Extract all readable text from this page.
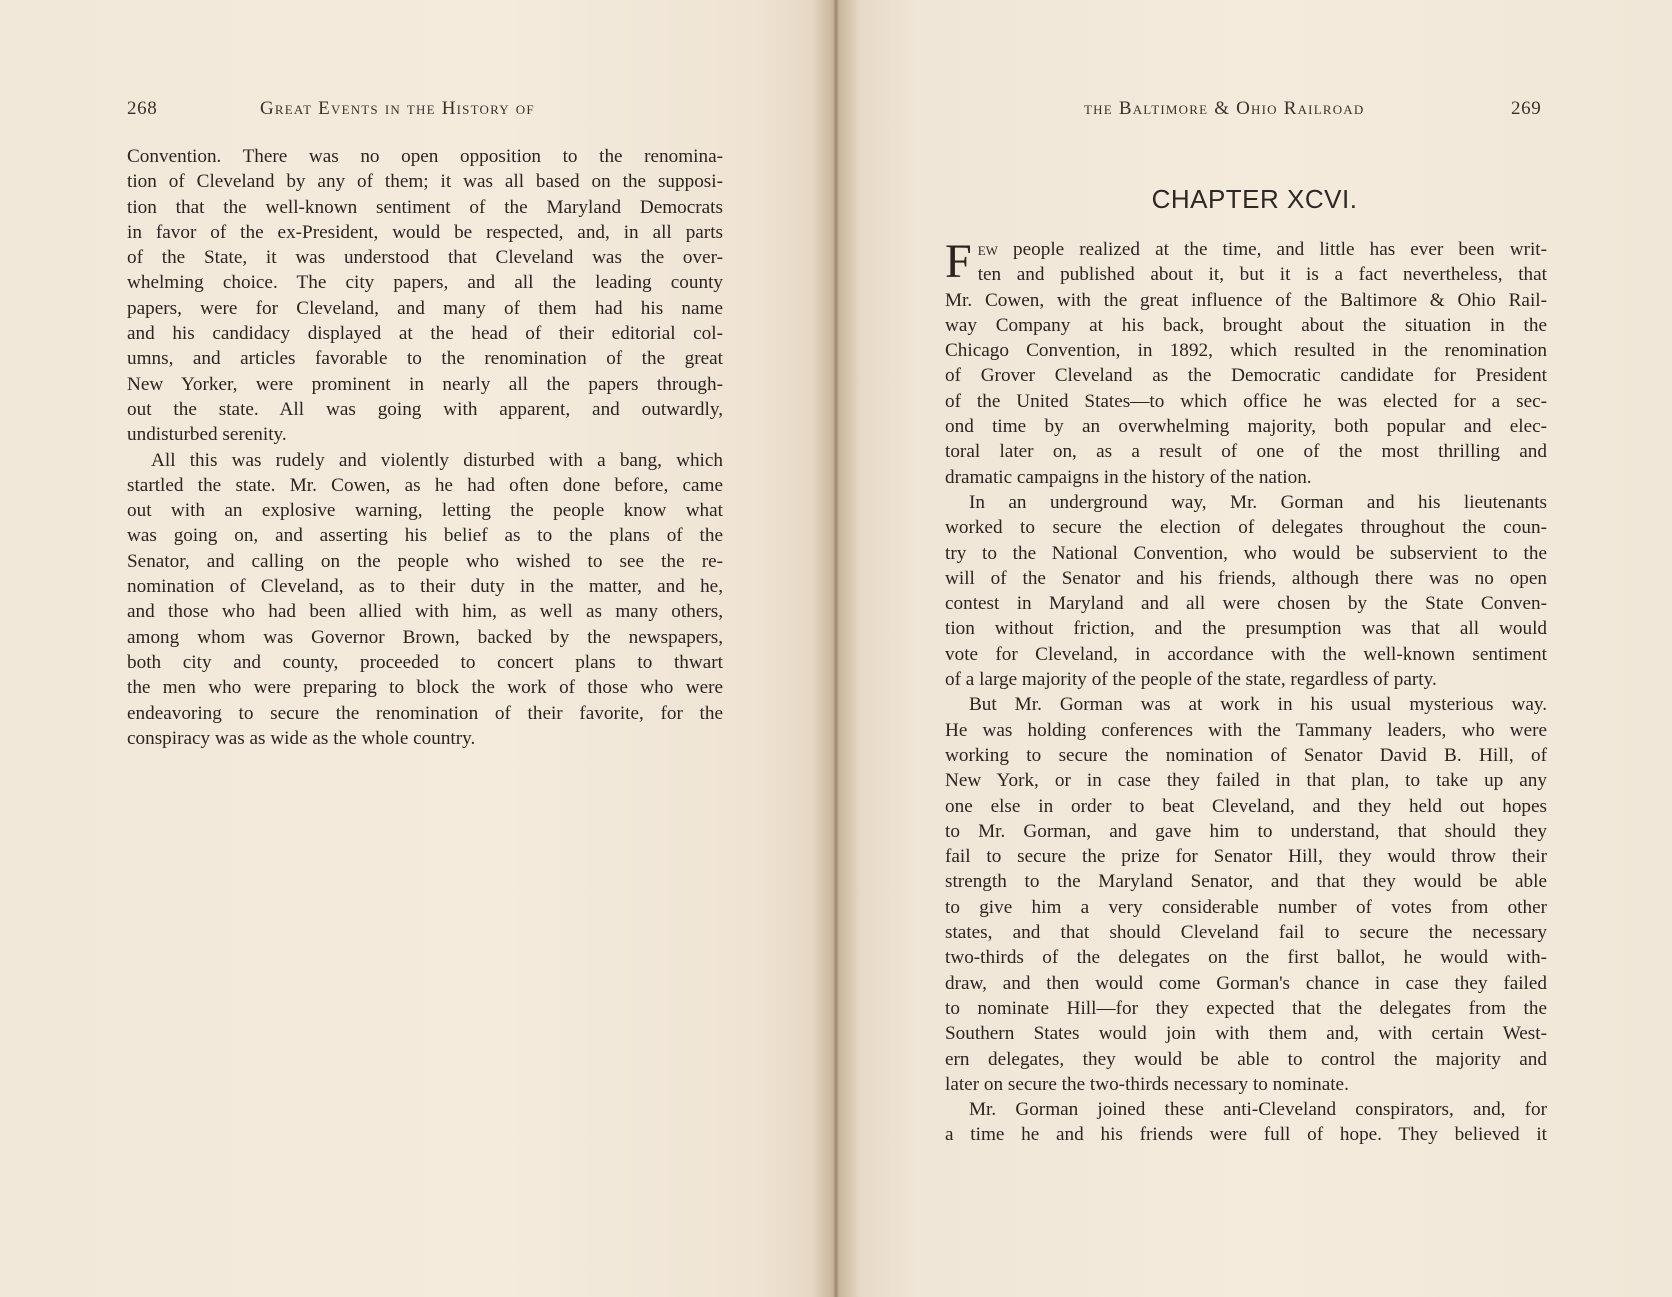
268	Great Events in the History of
Convention. There was no open opposition to the renomina-
tion of Cleveland by any of them; it was all based on the supposi-
tion that the well-known sentiment of the Maryland Democrats
in favor of the ex-President, would be respected, and, in all parts
of the State, it was understood that Cleveland was the over-
whelming choice. The city papers, and all the leading county
papers, were for Cleveland, and many of them had his name
and his candidacy displayed at the head of their editorial col-
umns, and articles favorable to the renomination of the great
New Yorker, were prominent in nearly all the papers through-
out the state. All was going with apparent, and outwardly,
undisturbed serenity.
All this was rudely and violently disturbed with a bang, which
startled the state. Mr. Cowen, as he had often done before, came
out with an explosive warning, letting the people know what
was going on, and asserting his belief as to the plans of the
Senator, and calling on the people who wished to see the re-
nomination of Cleveland, as to their duty in the matter, and he,
and those who had been allied with him, as well as many others,
among whom was Governor Brown, backed by the newspapers,
both city and county, proceeded to concert plans to thwart
the men who were preparing to block the work of those who were
endeavoring to secure the renomination of their favorite, for the
conspiracy was as wide as the whole country.
the Baltimore & Ohio Railroad	269
CHAPTER XCVI.
F ew people realized at the time, and little has ever been writ-
ten and published about it, but it is a fact nevertheless, that
Mr. Cowen, with the great influence of the Baltimore & Ohio Rail-
way Company at his back, brought about the situation in the
Chicago Convention, in 1892, which resulted in the renomination
of Grover Cleveland as the Democratic candidate for President
of the United States—to which office he was elected for a sec-
ond time by an overwhelming majority, both popular and elec-
toral later on, as a result of one of the most thrilling and
dramatic campaigns in the history of the nation.
In an underground way, Mr. Gorman and his lieutenants
worked to secure the election of delegates throughout the coun-
try to the National Convention, who would be subservient to the
will of the Senator and his friends, although there was no open
contest in Maryland and all were chosen by the State Conven-
tion without friction, and the presumption was that all would
vote for Cleveland, in accordance with the well-known sentiment
of a large majority of the people of the state, regardless of party.
But Mr. Gorman was at work in his usual mysterious way.
He was holding conferences with the Tammany leaders, who were
working to secure the nomination of Senator David B. Hill, of
New York, or in case they failed in that plan, to take up any
one else in order to beat Cleveland, and they held out hopes
to Mr. Gorman, and gave him to understand, that should they
fail to secure the prize for Senator Hill, they would throw their
strength to the Maryland Senator, and that they would be able
to give him a very considerable number of votes from other
states, and that should Cleveland fail to secure the necessary
two-thirds of the delegates on the first ballot, he would with-
draw, and then would come Gorman's chance in case they failed
to nominate Hill—for they expected that the delegates from the
Southern States would join with them and, with certain West-
ern delegates, they would be able to control the majority and
later on secure the two-thirds necessary to nominate.
Mr. Gorman joined these anti-Cleveland conspirators, and, for
a time he and his friends were full of hope. They believed it
